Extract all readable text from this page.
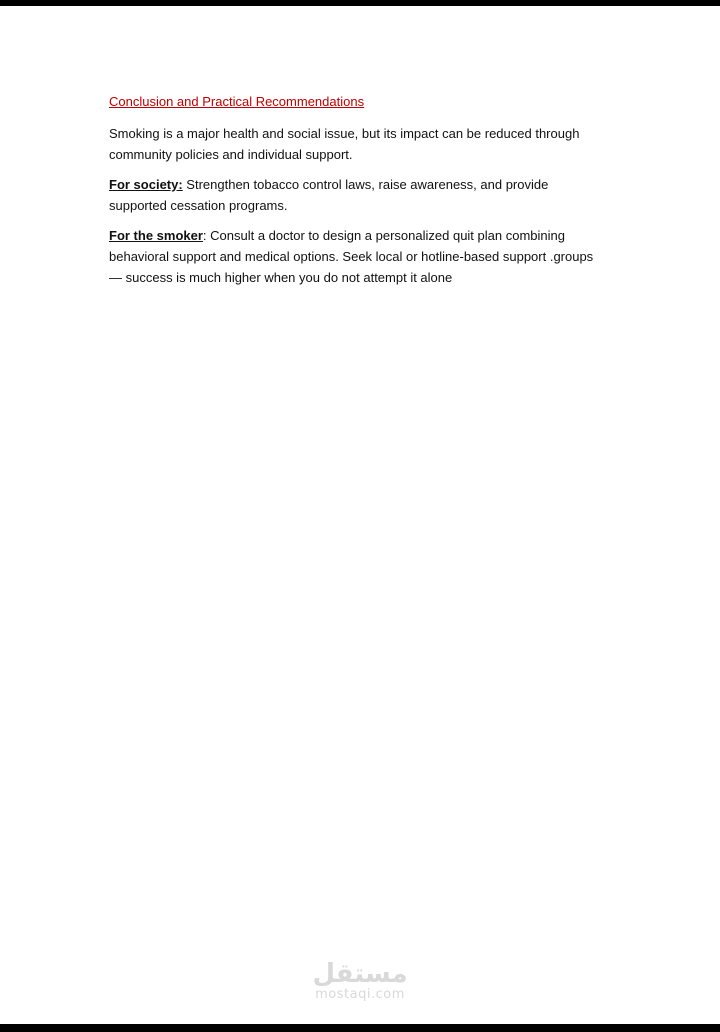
Conclusion and Practical Recommendations

Smoking is a major health and social issue, but its impact can be reduced through community policies and individual support.

For society: Strengthen tobacco control laws, raise awareness, and provide supported cessation programs.

For the smoker: Consult a doctor to design a personalized quit plan combining behavioral support and medical options. Seek local or hotline-based support .groups — success is much higher when you do not attempt it alone

مستقل
mostaqi.com
